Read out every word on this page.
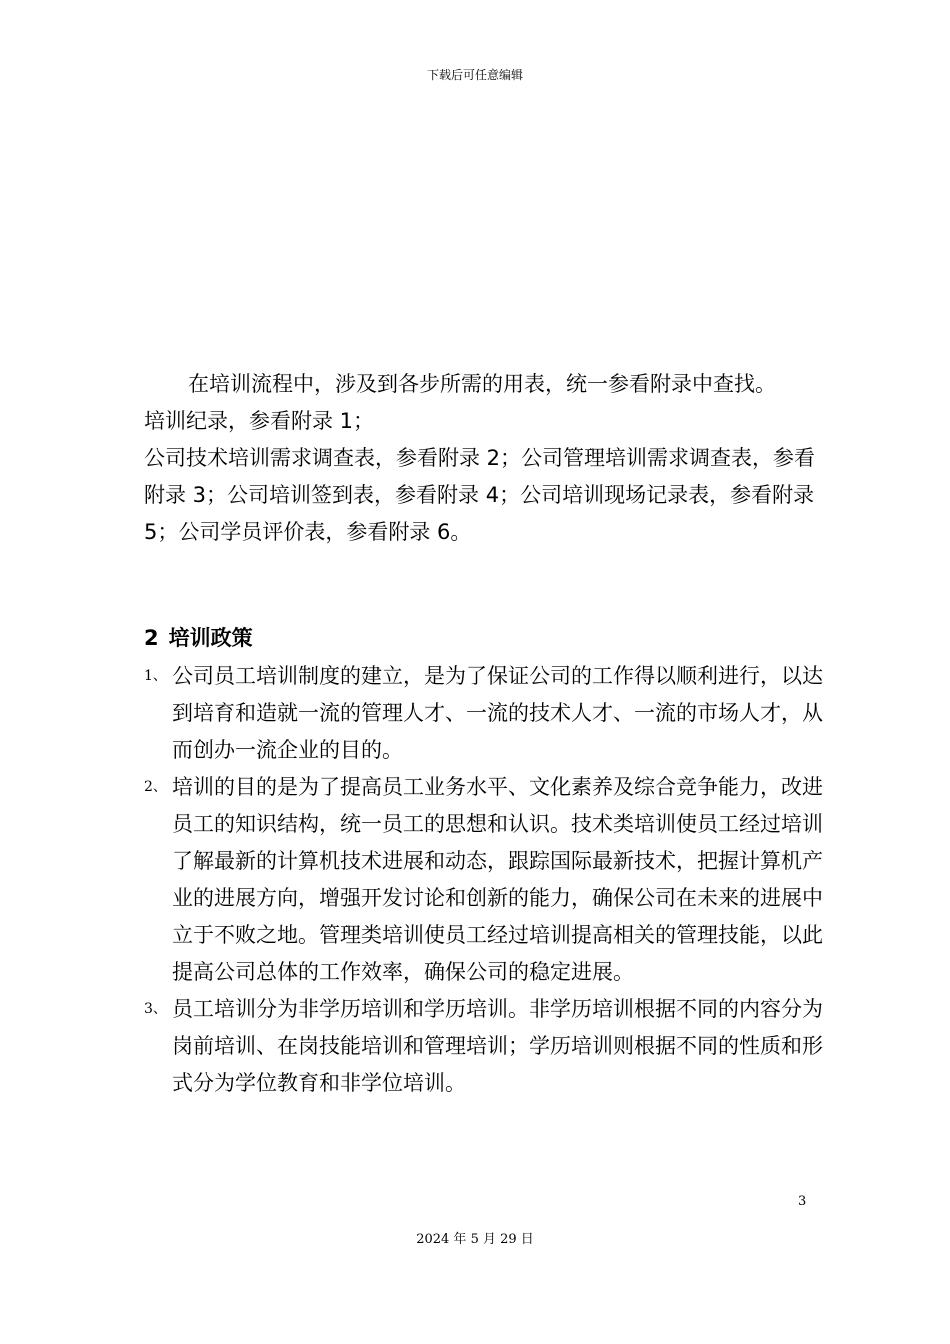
下载后可任意编辑

在培训流程中，涉及到各步所需的用表，统一参看附录中查找。

培训纪录，参看附录 1；

公司技术培训需求调查表，参看附录 2；公司管理培训需求调查表，参看附录 3；公司培训签到表，参看附录 4；公司培训现场记录表，参看附录 5；公司学员评价表，参看附录 6。

2 培训政策
1、 公司员工培训制度的建立，是为了保证公司的工作得以顺利进行，以达到培育和造就一流的管理人才、一流的技术人才、一流的市场人才，从而创办一流企业的目的。
2、 培训的目的是为了提高员工业务水平、文化素养及综合竞争能力，改进员工的知识结构，统一员工的思想和认识。技术类培训使员工经过培训了解最新的计算机技术进展和动态，跟踪国际最新技术，把握计算机产业的进展方向，增强开发讨论和创新的能力，确保公司在未来的进展中立于不败之地。管理类培训使员工经过培训提高相关的管理技能，以此提高公司总体的工作效率，确保公司的稳定进展。
3、 员工培训分为非学历培训和学历培训。非学历培训根据不同的内容分为岗前培训、在岗技能培训和管理培训；学历培训则根据不同的性质和形式分为学位教育和非学位培训。
3
2024 年 5 月 29 日
